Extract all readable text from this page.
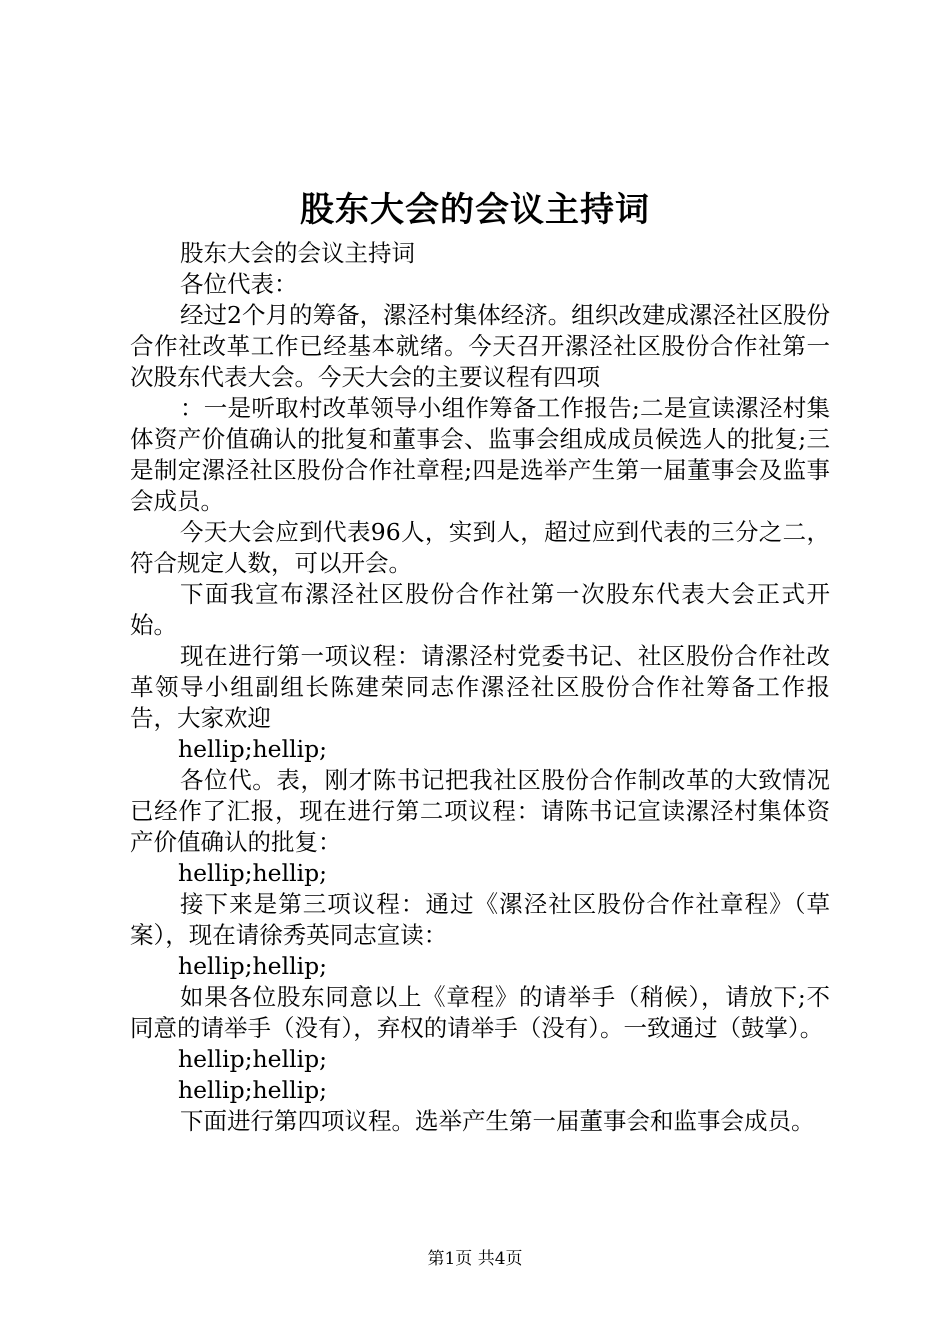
股东大会的会议主持词

股东大会的会议主持词

各位代表：

经过2个月的筹备，漯泾村集体经济。组织改建成漯泾社区股份合作社改革工作已经基本就绪。今天召开漯泾社区股份合作社第一次股东代表大会。今天大会的主要议程有四项

：一是听取村改革领导小组作筹备工作报告;二是宣读漯泾村集体资产价值确认的批复和董事会、监事会组成成员候选人的批复;三是制定漯泾社区股份合作社章程;四是选举产生第一届董事会及监事会成员。

今天大会应到代表96人，实到人，超过应到代表的三分之二，符合规定人数，可以开会。

下面我宣布漯泾社区股份合作社第一次股东代表大会正式开始。

现在进行第一项议程：请漯泾村党委书记、社区股份合作社改革领导小组副组长陈建荣同志作漯泾社区股份合作社筹备工作报告，大家欢迎

hellip;hellip;

各位代。表，刚才陈书记把我社区股份合作制改革的大致情况已经作了汇报，现在进行第二项议程：请陈书记宣读漯泾村集体资产价值确认的批复：

hellip;hellip;

接下来是第三项议程：通过《漯泾社区股份合作社章程》（草案），现在请徐秀英同志宣读：

hellip;hellip;

如果各位股东同意以上《章程》的请举手（稍候），请放下;不同意的请举手（没有），弃权的请举手（没有）。一致通过（鼓掌）。

hellip;hellip;

hellip;hellip;

下面进行第四项议程。选举产生第一届董事会和监事会成员。

第1页 共4页
